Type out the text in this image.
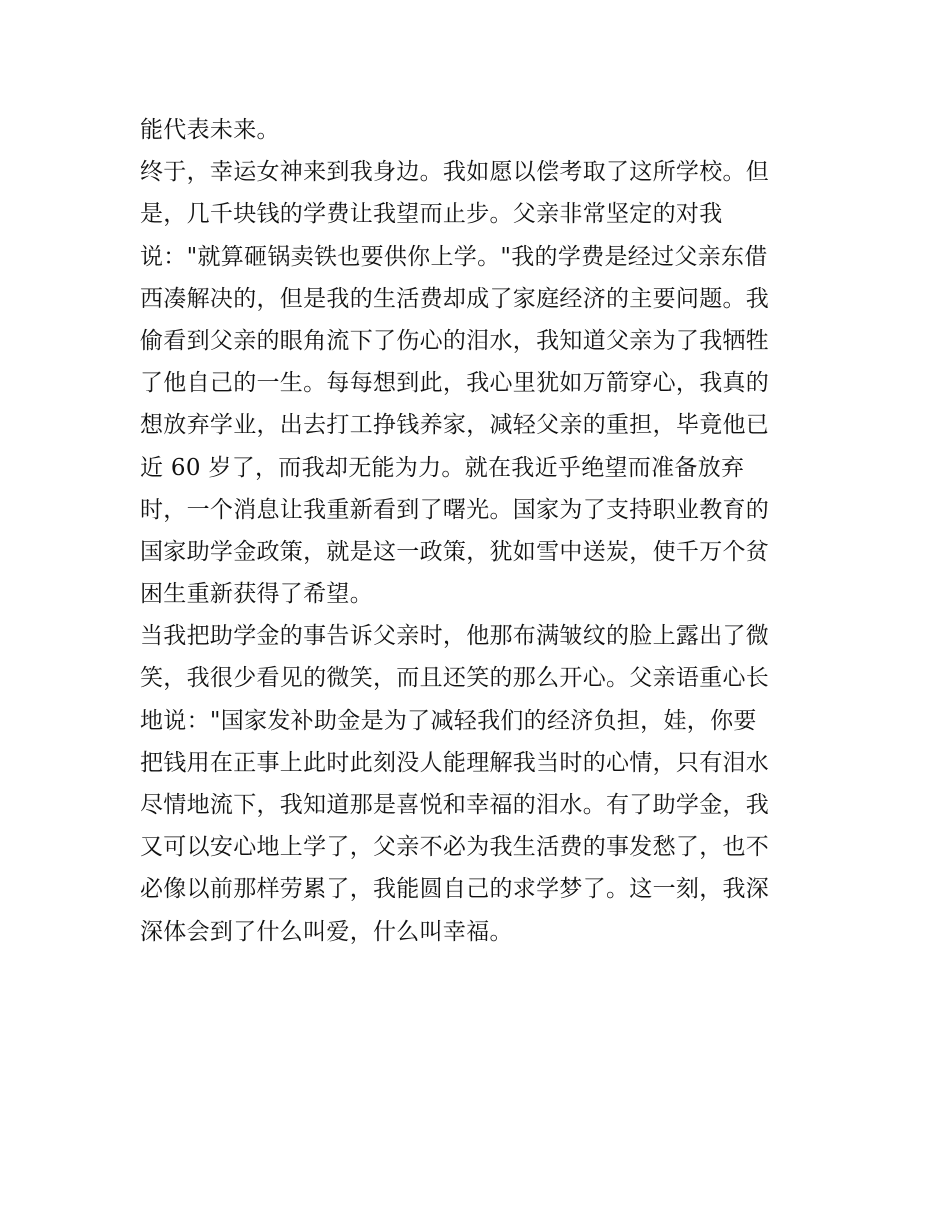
能代表未来。
终于，幸运女神来到我身边。我如愿以偿考取了这所学校。但
是，几千块钱的学费让我望而止步。父亲非常坚定的对我
说："就算砸锅卖铁也要供你上学。"我的学费是经过父亲东借
西凑解决的，但是我的生活费却成了家庭经济的主要问题。我
偷看到父亲的眼角流下了伤心的泪水，我知道父亲为了我牺牲
了他自己的一生。每每想到此，我心里犹如万箭穿心，我真的
想放弃学业，出去打工挣钱养家，减轻父亲的重担，毕竟他已
近 60 岁了，而我却无能为力。就在我近乎绝望而准备放弃
时，一个消息让我重新看到了曙光。国家为了支持职业教育的
国家助学金政策，就是这一政策，犹如雪中送炭，使千万个贫
困生重新获得了希望。
当我把助学金的事告诉父亲时，他那布满皱纹的脸上露出了微
笑，我很少看见的微笑，而且还笑的那么开心。父亲语重心长
地说："国家发补助金是为了减轻我们的经济负担，娃，你要
把钱用在正事上此时此刻没人能理解我当时的心情，只有泪水
尽情地流下，我知道那是喜悦和幸福的泪水。有了助学金，我
又可以安心地上学了，父亲不必为我生活费的事发愁了，也不
必像以前那样劳累了，我能圆自己的求学梦了。这一刻，我深
深体会到了什么叫爱，什么叫幸福。
